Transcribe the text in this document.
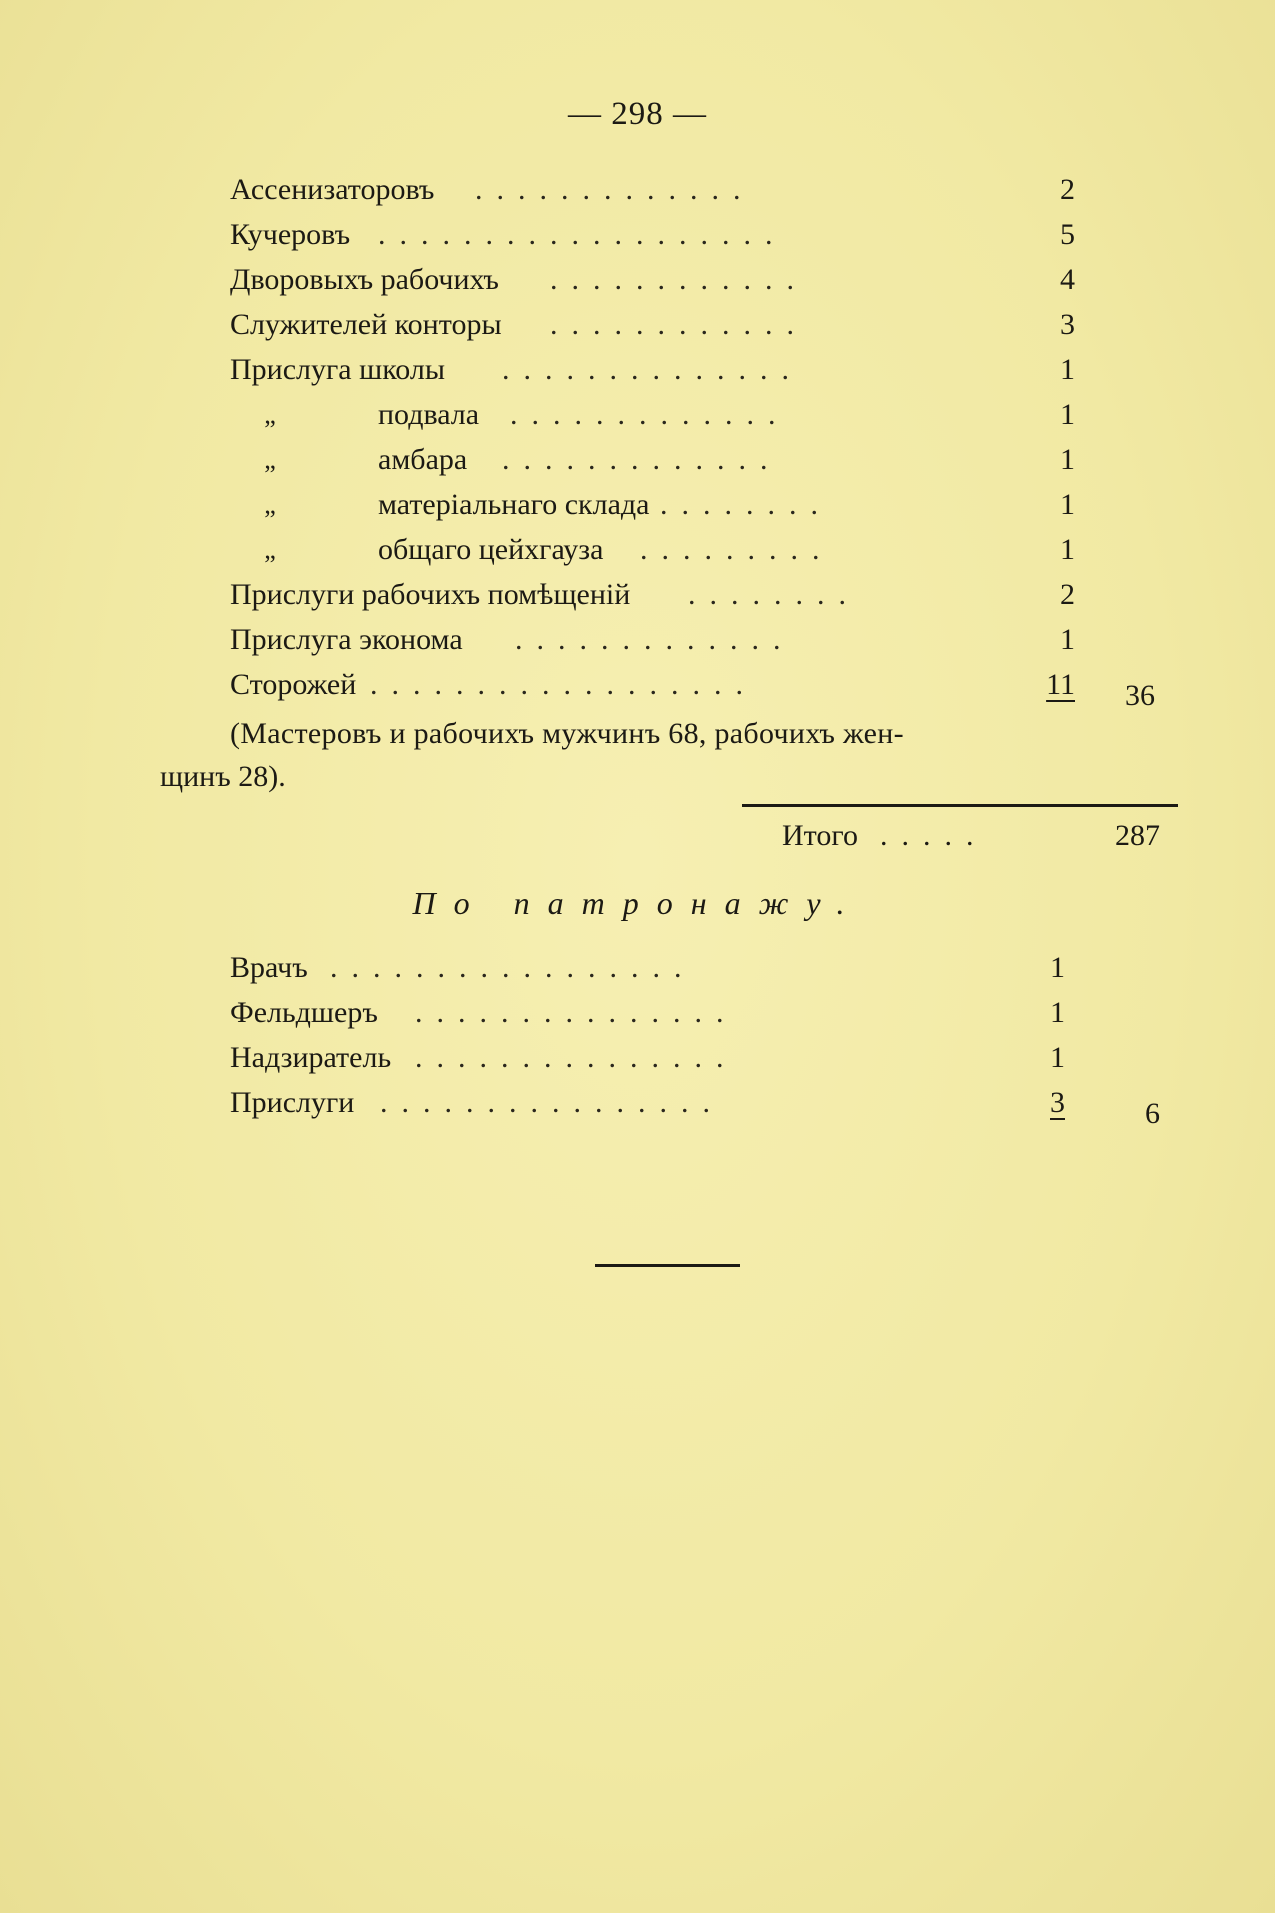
— 298 —
Ассенизаторовъ .............	2
Кучеровъ ...................	5
Дворовыхъ рабочихъ ............	4
Служителей конторы ............	3
Прислуга школы ..............	1
„	подвала .............	1
„	амбара .............	1
„	матеріальнаго склада ........	1
„	общаго цейхгауза .........	1
Прислуги рабочихъ помѣщеній ........	2
Прислуга эконома .............	1
Сторожей ..................	11 36
(Мастеровъ и рабочихъ мужчинъ 68, рабочихъ жен-
щинъ 28).
Итого .....	287
По патронажу.
Врачъ .................	1
Фельдшеръ ...............	1
Надзиратель ...............	1
Прислуги ................	3	6
